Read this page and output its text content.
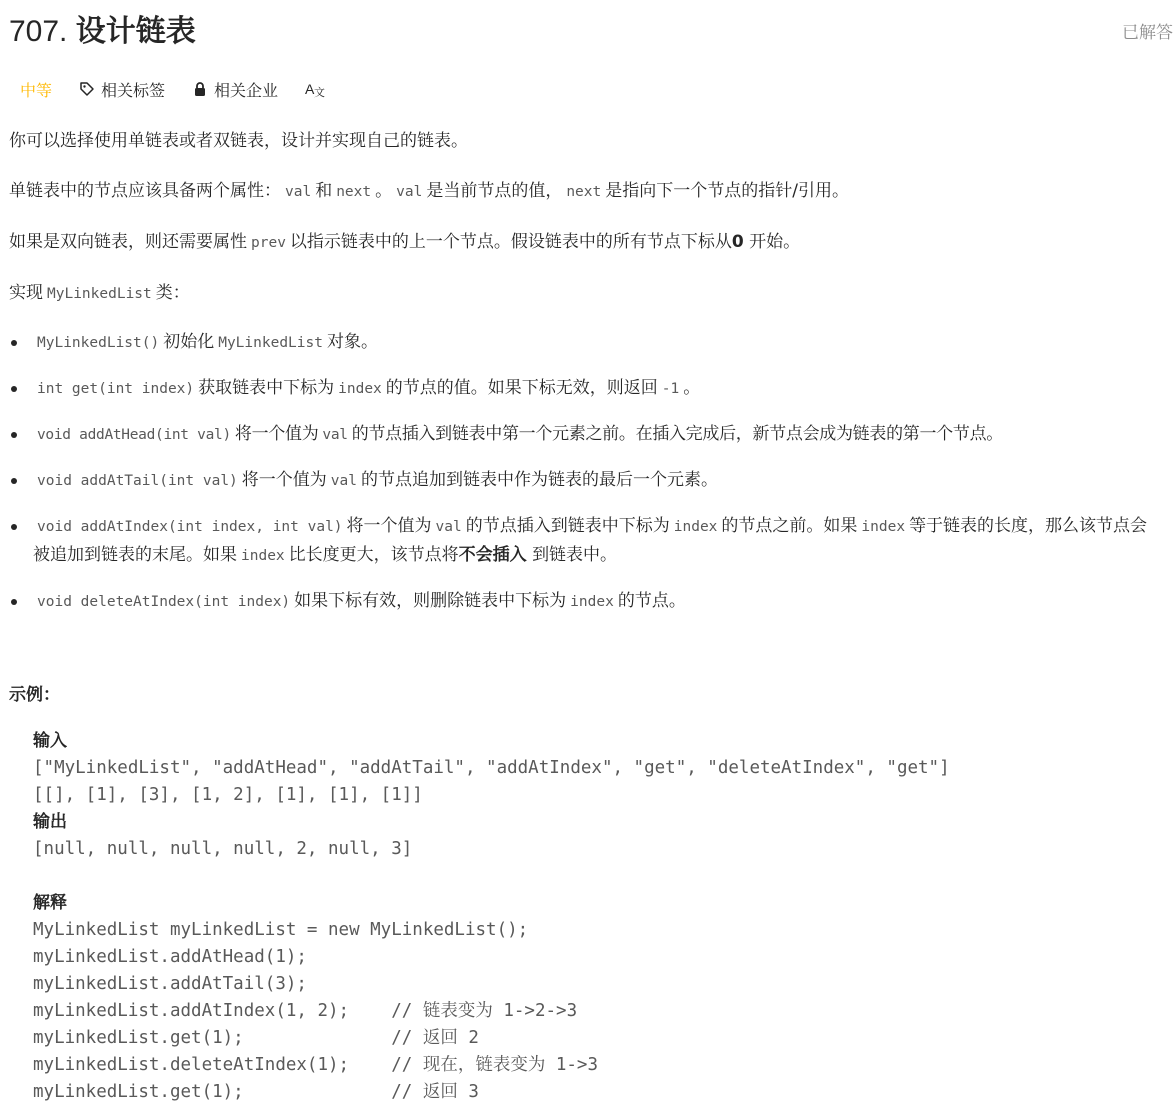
707. 设计链表	已解答
中等	相关标签	相关企业 A 文

你可以选择使用单链表或者双链表，设计并实现自己的链表。

单链表中的节点应该具备两个属性： val 和 next 。 val 是当前节点的值， next 是指向下一个节点的指针/引用。

如果是双向链表，则还需要属性 prev 以指示链表中的上一个节点。假设链表中的所有节点下标从0 开始。

实现 MyLinkedList 类：

MyLinkedList() 初始化 MyLinkedList 对象。
int get(int index) 获取链表中下标为 index 的节点的值。如果下标无效，则返回 -1 。
void addAtHead(int val) 将一个值为 val 的节点插入到链表中第一个元素之前。在插入完成后，新节点会成为链表的第一个节点。
void addAtTail(int val) 将一个值为 val 的节点追加到链表中作为链表的最后一个元素。
void addAtIndex(int index, int val) 将一个值为 val 的节点插入到链表中下标为 index 的节点之前。如果 index 等于链表的长度，那么该节点会被追加到链表的末尾。如果 index 比长度更大，该节点将不会插入 到链表中。
void deleteAtIndex(int index) 如果下标有效，则删除链表中下标为 index 的节点。
示例：
输入
["MyLinkedList", "addAtHead", "addAtTail", "addAtIndex", "get", "deleteAtIndex", "get"]
[[], [1], [3], [1, 2], [1], [1], [1]]
输出
[null, null, null, null, 2, null, 3]
解释
MyLinkedList myLinkedList = new MyLinkedList();
myLinkedList.addAtHead(1);
myLinkedList.addAtTail(3);
myLinkedList.addAtIndex(1, 2);    // 链表变为 1->2->3
myLinkedList.get(1);              // 返回 2
myLinkedList.deleteAtIndex(1);    // 现在，链表变为 1->3
myLinkedList.get(1);              // 返回 3
